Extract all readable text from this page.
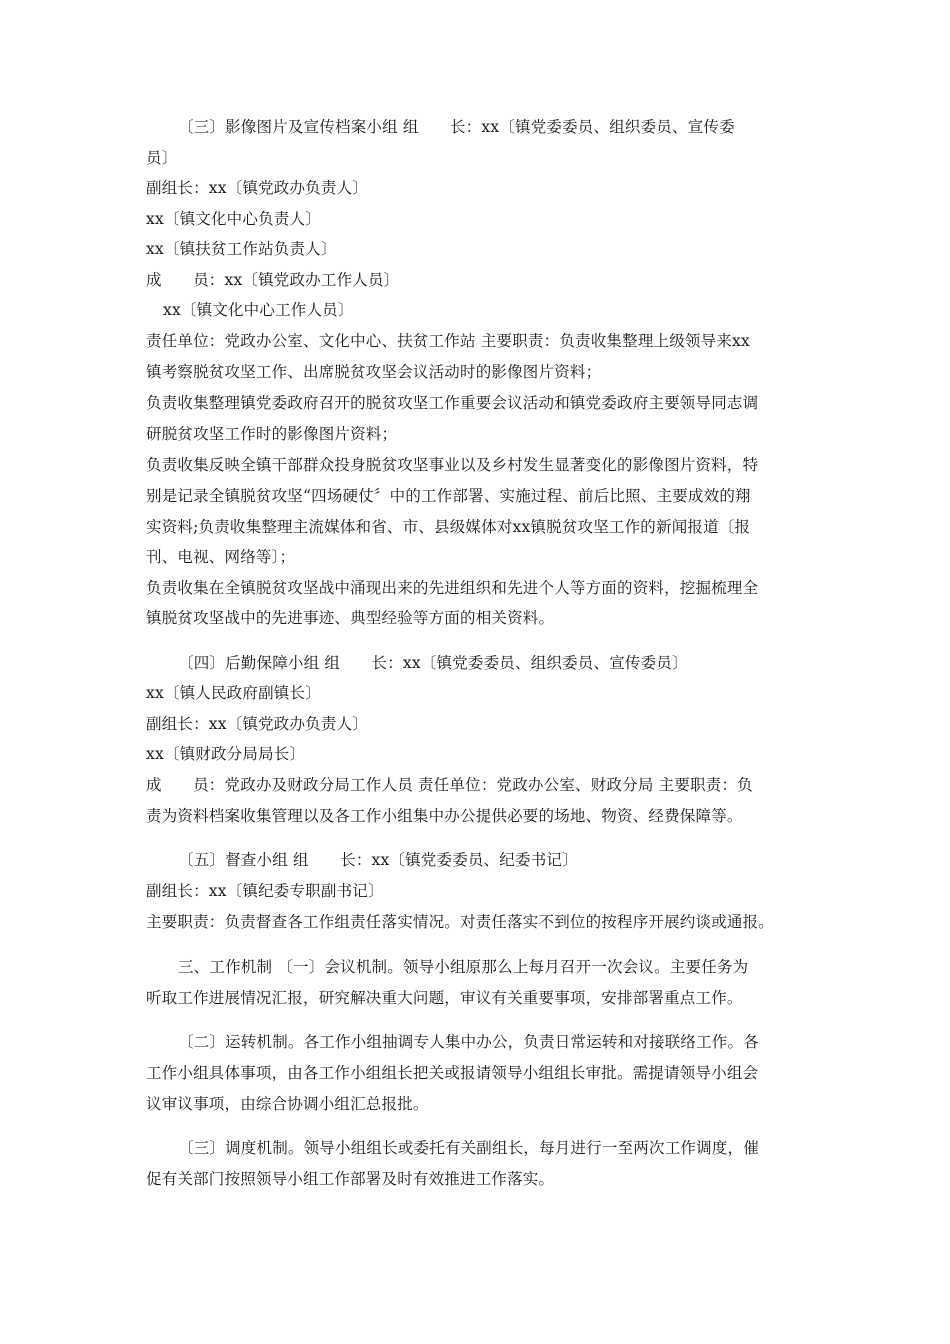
〔三〕影像图片及宣传档案小组 组　　长：xx〔镇党委委员、组织委员、宣传委
员〕
副组长：xx〔镇党政办负责人〕
xx〔镇文化中心负责人〕
xx〔镇扶贫工作站负责人〕
成　　员：xx〔镇党政办工作人员〕
xx〔镇文化中心工作人员〕
责任单位：党政办公室、文化中心、扶贫工作站 主要职责：负责收集整理上级领导来xx
镇考察脱贫攻坚工作、出席脱贫攻坚会议活动时的影像图片资料；
负责收集整理镇党委政府召开的脱贫攻坚工作重要会议活动和镇党委政府主要领导同志调
研脱贫攻坚工作时的影像图片资料；
负责收集反映全镇干部群众投身脱贫攻坚事业以及乡村发生显著变化的影像图片资料，特
别是记录全镇脱贫攻坚“四场硬仗〞中的工作部署、实施过程、前后比照、主要成效的翔
实资料;负责收集整理主流媒体和省、市、县级媒体对xx镇脱贫攻坚工作的新闻报道〔报
刊、电视、网络等〕；
负责收集在全镇脱贫攻坚战中涌现出来的先进组织和先进个人等方面的资料，挖掘梳理全
镇脱贫攻坚战中的先进事迹、典型经验等方面的相关资料。
〔四〕后勤保障小组 组　　长：xx〔镇党委委员、组织委员、宣传委员〕
xx〔镇人民政府副镇长〕
副组长：xx〔镇党政办负责人〕
xx〔镇财政分局局长〕
成　　员：党政办及财政分局工作人员 责任单位：党政办公室、财政分局 主要职责：负
责为资料档案收集管理以及各工作小组集中办公提供必要的场地、物资、经费保障等。
〔五〕督查小组 组　　长：xx〔镇党委委员、纪委书记〕
副组长：xx〔镇纪委专职副书记〕
主要职责：负责督查各工作组责任落实情况。对责任落实不到位的按程序开展约谈或通报。
三、工作机制 〔一〕会议机制。领导小组原那么上每月召开一次会议。主要任务为
听取工作进展情况汇报，研究解决重大问题，审议有关重要事项，安排部署重点工作。
〔二〕运转机制。各工作小组抽调专人集中办公，负责日常运转和对接联络工作。各
工作小组具体事项，由各工作小组组长把关或报请领导小组组长审批。需提请领导小组会
议审议事项，由综合协调小组汇总报批。
〔三〕调度机制。领导小组组长或委托有关副组长，每月进行一至两次工作调度，催
促有关部门按照领导小组工作部署及时有效推进工作落实。
